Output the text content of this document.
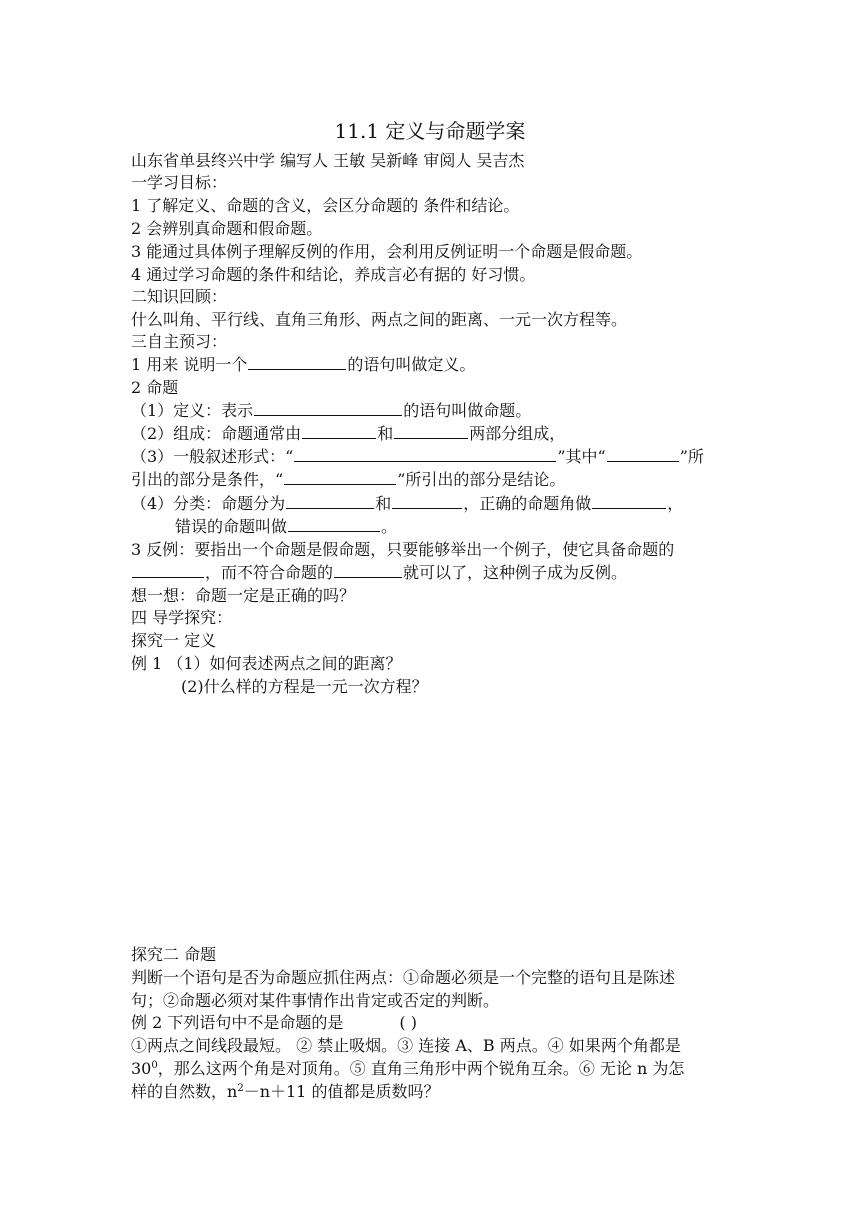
11.1 定义与命题学案
山东省单县终兴中学 编写人 王敏 吴新峰 审阅人 吴吉杰
一学习目标：
1 了解定义、命题的含义，会区分命题的 条件和结论。
2 会辨别真命题和假命题。
3 能通过具体例子理解反例的作用，会利用反例证明一个命题是假命题。
4 通过学习命题的条件和结论，养成言必有据的 好习惯。
二知识回顾：
什么叫角、平行线、直角三角形、两点之间的距离、一元一次方程等。
三自主预习：
1 用来 说明一个	的语句叫做定义。
2 命题
（1）定义：表示	的语句叫做命题。
（2）组成：命题通常由	和	两部分组成，
（3）一般叙述形式：“	”其中“	”所
引出的部分是条件，“	”所引出的部分是结论。
（4）分类：命题分为	和	，正确的命题角做	，
错误的命题叫做	。
3 反例：要指出一个命题是假命题，只要能够举出一个例子，使它具备命题的
，而不符合命题的	就可以了，这种例子成为反例。
想一想：命题一定是正确的吗？
四 导学探究：
探究一 定义
例 1 （1）如何表述两点之间的距离？
(2)什么样的方程是一元一次方程？
探究二 命题
判断一个语句是否为命题应抓住两点：①命题必须是一个完整的语句且是陈述
句；②命题必须对某件事情作出肯定或否定的判断。
例 2 下列语句中不是命题的是	( )
①两点之间线段最短。 ② 禁止吸烟。③ 连接 A、B 两点。④ 如果两个角都是
$30^0$，那么这两个角是对顶角。⑤ 直角三角形中两个锐角互余。⑥ 无论 n 为怎
样的自然数，$n^2-n+11$ 的值都是质数吗？
